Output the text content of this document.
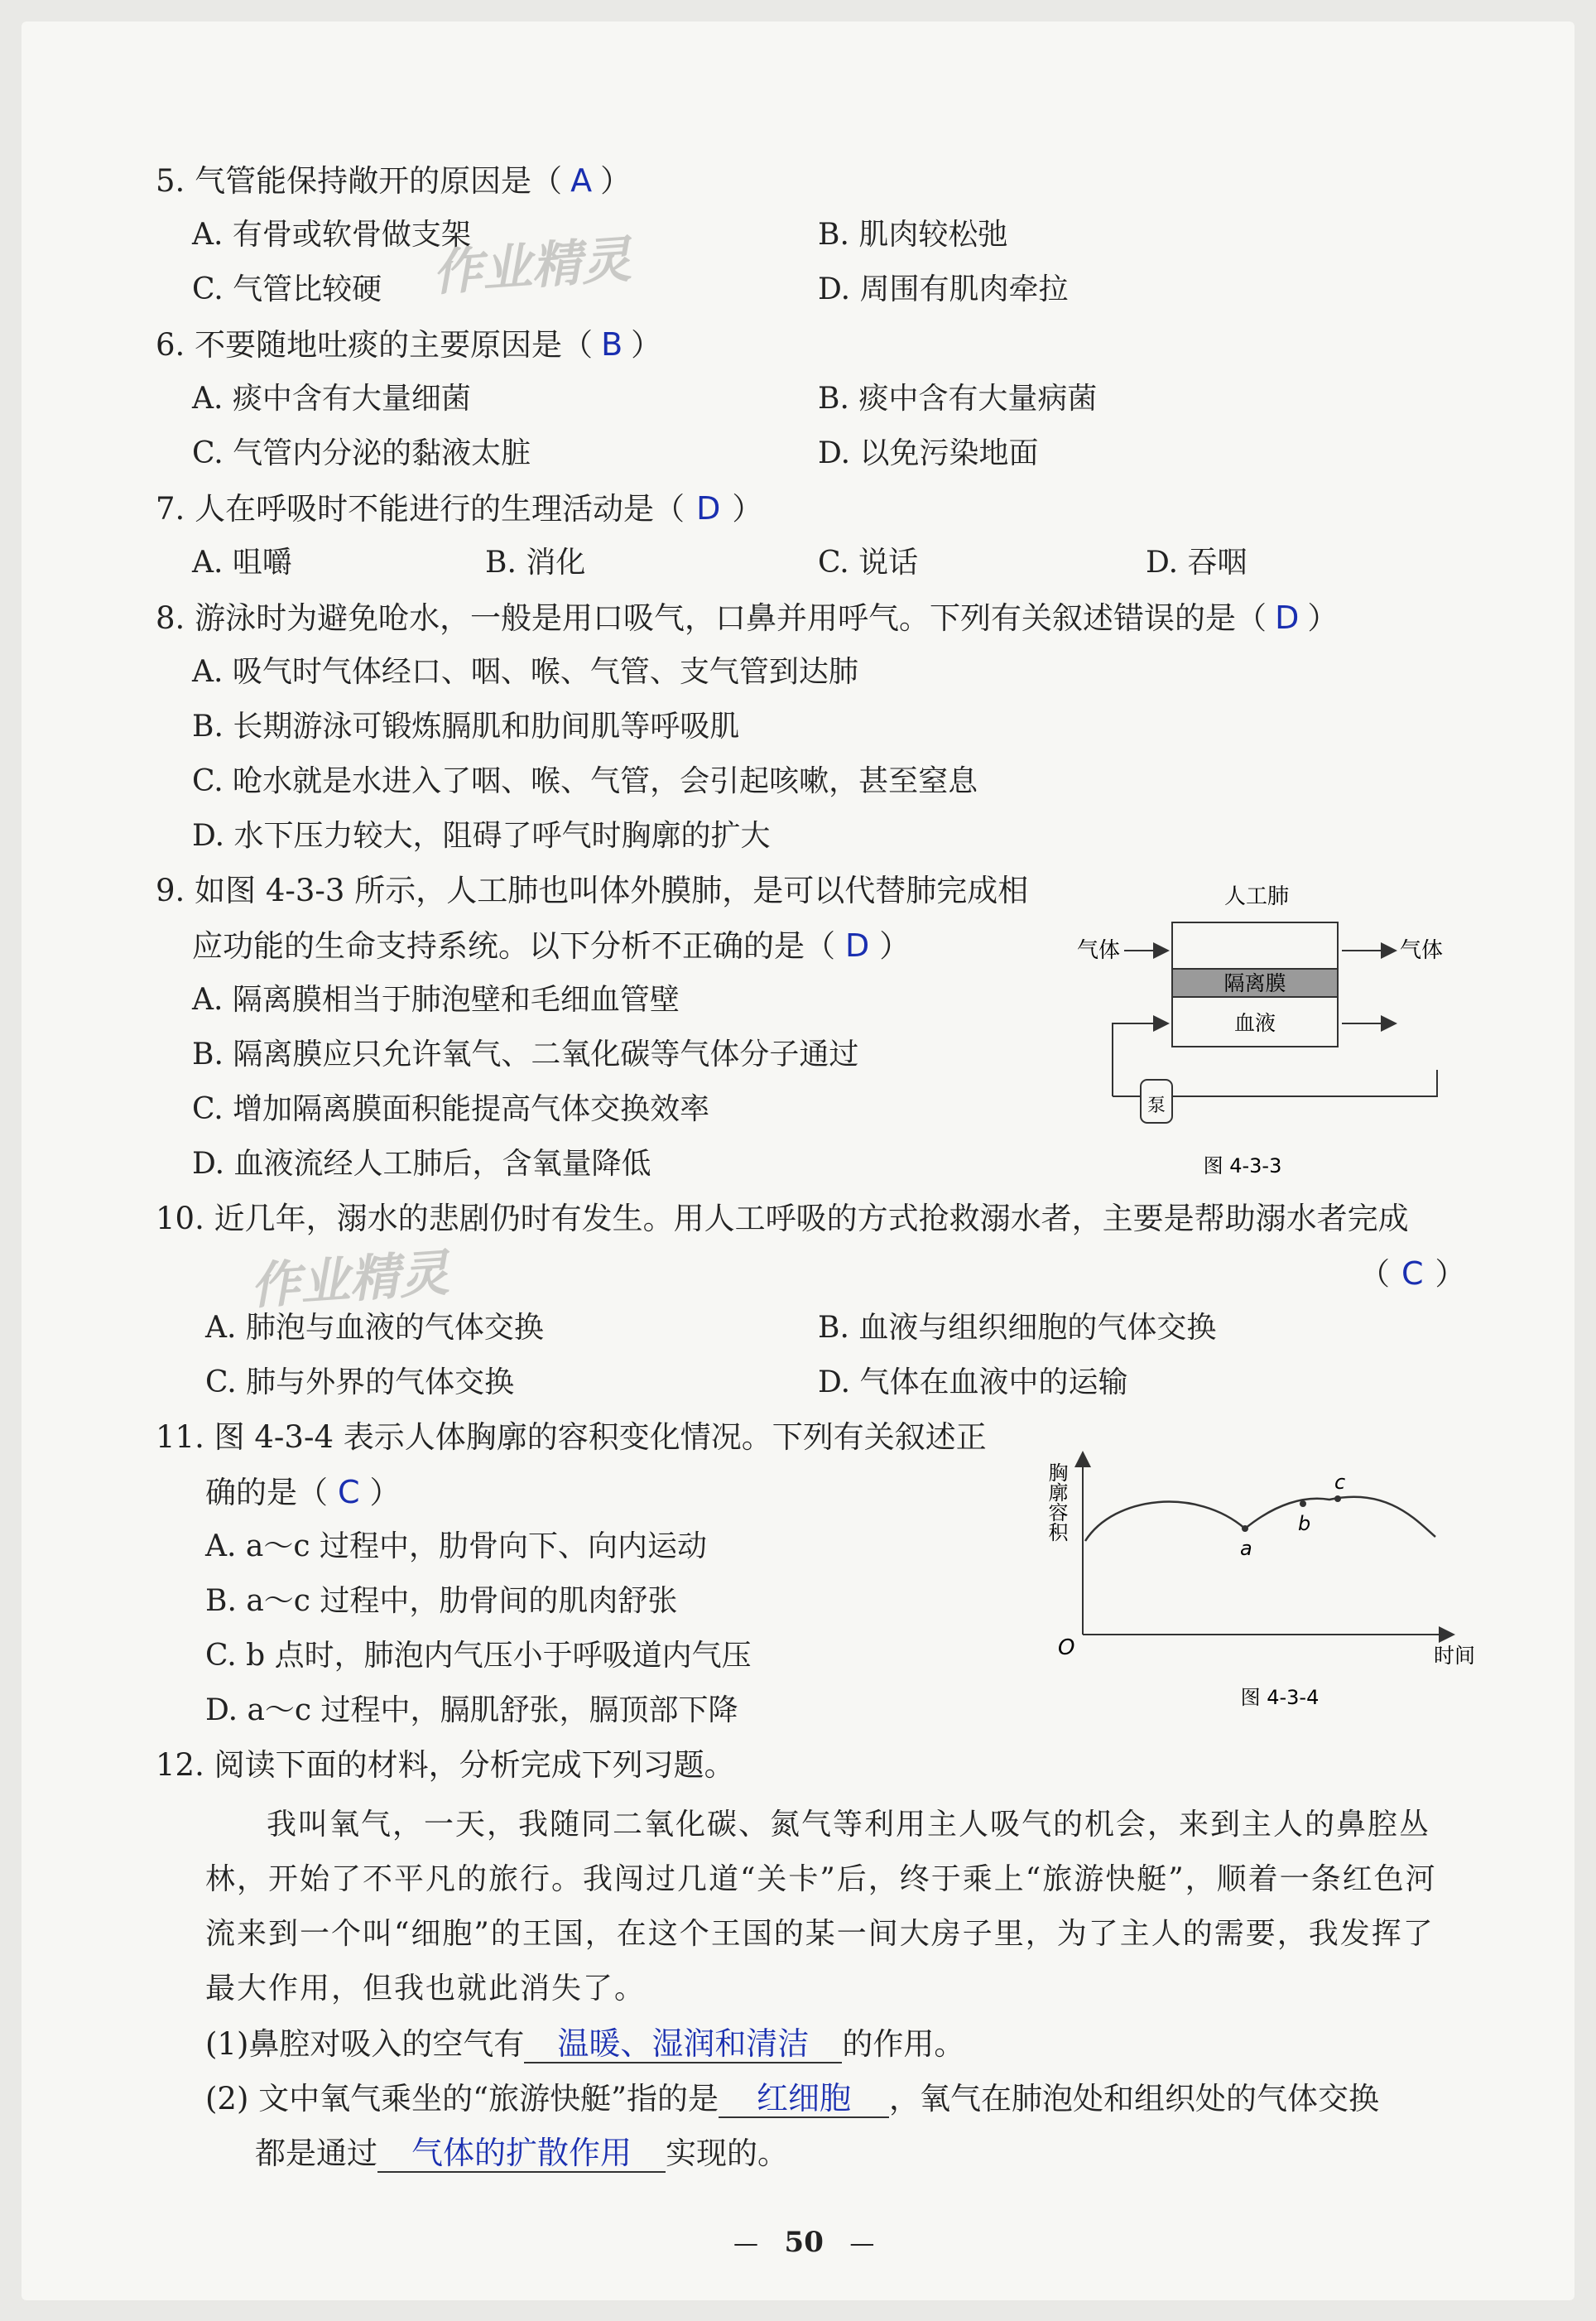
作业精灵
作业精灵
5. 气管能保持敞开的原因是（ A ）
A. 有骨或软骨做支架	B. 肌肉较松弛
C. 气管比较硬	D. 周围有肌肉牵拉
6. 不要随地吐痰的主要原因是（ B ）
A. 痰中含有大量细菌	B. 痰中含有大量病菌
C. 气管内分泌的黏液太脏	D. 以免污染地面
7. 人在呼吸时不能进行的生理活动是（ D ）
A. 咀嚼	B. 消化	C. 说话	D. 吞咽
8. 游泳时为避免呛水，一般是用口吸气，口鼻并用呼气。下列有关叙述错误的是（ D ）
A. 吸气时气体经口、咽、喉、气管、支气管到达肺
B. 长期游泳可锻炼膈肌和肋间肌等呼吸肌
C. 呛水就是水进入了咽、喉、气管，会引起咳嗽，甚至窒息
D. 水下压力较大，阻碍了呼气时胸廓的扩大
9. 如图 4-3-3 所示，人工肺也叫体外膜肺，是可以代替肺完成相
应功能的生命支持系统。以下分析不正确的是（ D ）
A. 隔离膜相当于肺泡壁和毛细血管壁
B. 隔离膜应只允许氧气、二氧化碳等气体分子通过
C. 增加隔离膜面积能提高气体交换效率
D. 血液流经人工肺后，含氧量降低
人工肺
隔离膜
气体	气体
血液
泵
图 4-3-3
10. 近几年，溺水的悲剧仍时有发生。用人工呼吸的方式抢救溺水者，主要是帮助溺水者完成
（ C ）
A. 肺泡与血液的气体交换	B. 血液与组织细胞的气体交换
C. 肺与外界的气体交换	D. 气体在血液中的运输
11. 图 4-3-4 表示人体胸廓的容积变化情况。下列有关叙述正
确的是（ C ）
A. a～c 过程中，肋骨向下、向内运动
B. a～c 过程中，肋骨间的肌肉舒张
C. b 点时，肺泡内气压小于呼吸道内气压
D. a～c 过程中，膈肌舒张，膈顶部下降
胸廓容积
时间
O
a
b
c
图 4-3-4
12. 阅读下面的材料，分析完成下列习题。
我叫氧气，一天，我随同二氧化碳、氮气等利用主人吸气的机会，来到主人的鼻腔丛
林，开始了不平凡的旅行。我闯过几道“关卡”后，终于乘上“旅游快艇”，顺着一条红色河
流来到一个叫“细胞”的王国，在这个王国的某一间大房子里，为了主人的需要，我发挥了
最大作用，但我也就此消失了。
(1)鼻腔对吸入的空气有 温暖、湿润和清洁 的作用。
(2) 文中氧气乘坐的“旅游快艇”指的是 红细胞 ，氧气在肺泡处和组织处的气体交换
都是通过 气体的扩散作用 实现的。
— 50 —
